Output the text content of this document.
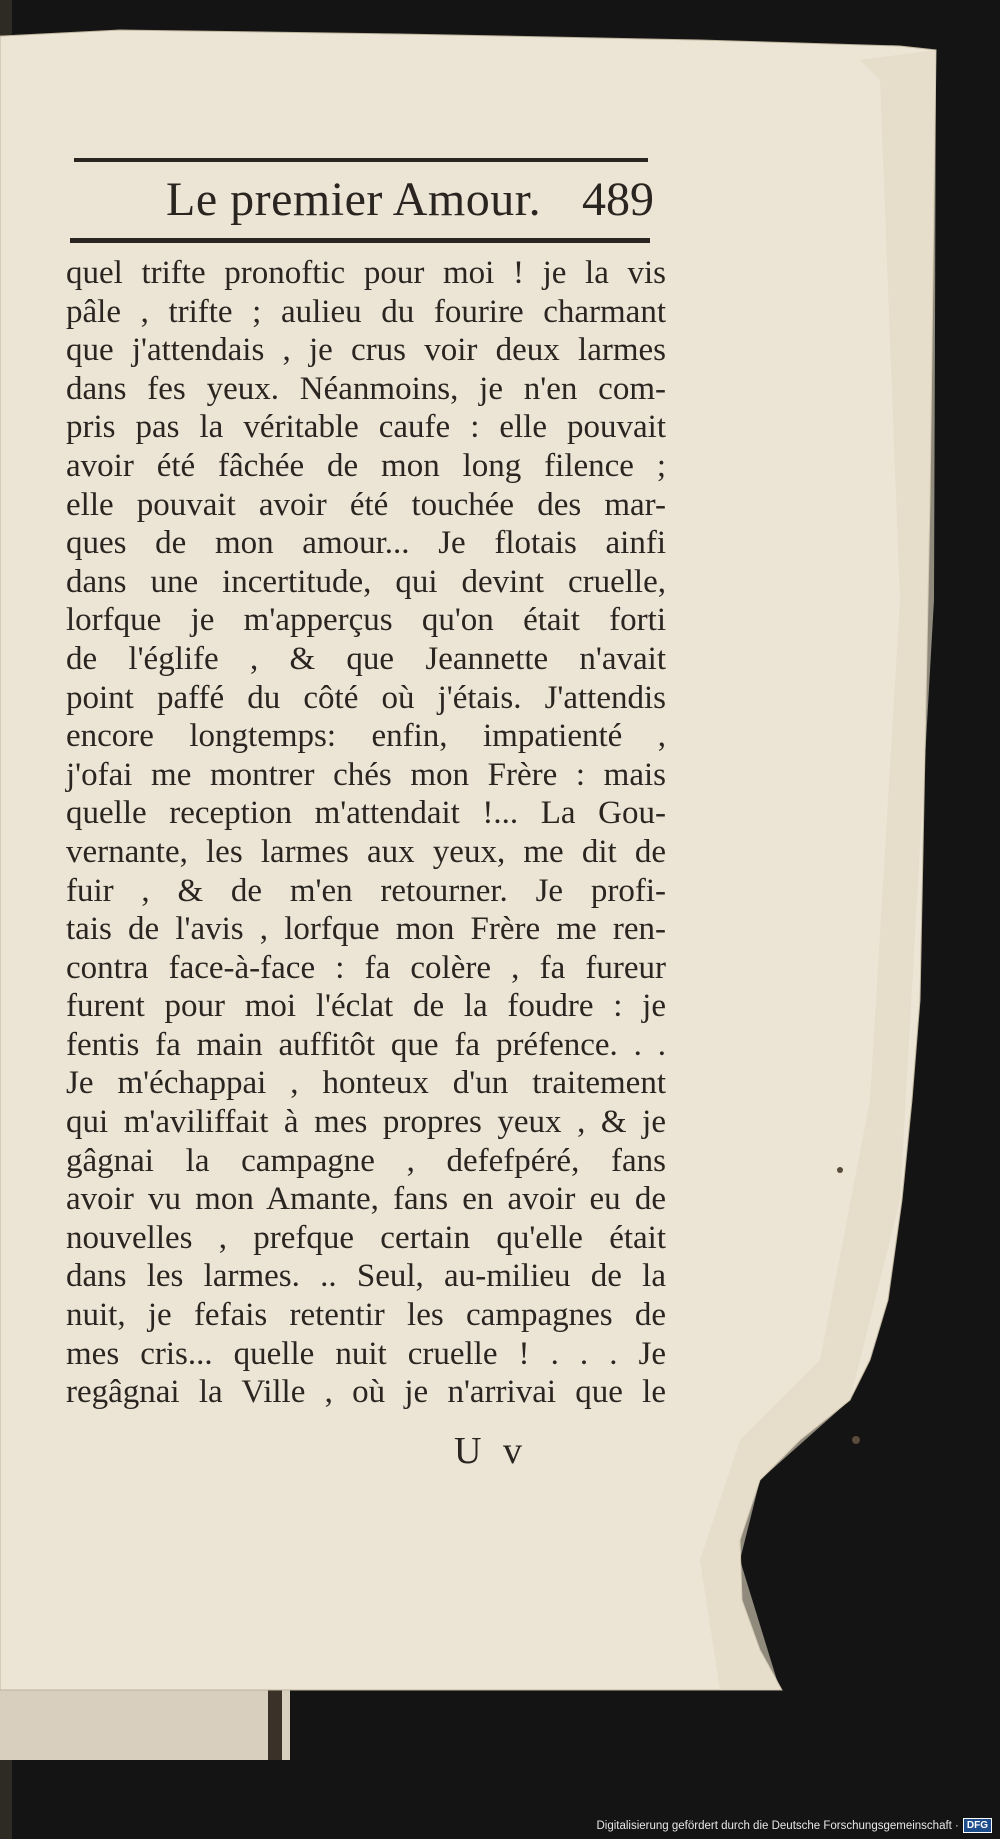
Le premier Amour. 489
quel trifte pronoftic pour moi ! je la vis
pâle , trifte ; aulieu du fourire charmant
que j'attendais , je crus voir deux larmes
dans fes yeux. Néanmoins, je n'en com-
pris pas la véritable caufe : elle pouvait
avoir été fâchée de mon long filence ;
elle pouvait avoir été touchée des mar-
ques de mon amour... Je flotais ainfi
dans une incertitude, qui devint cruelle,
lorfque je m'apperçus qu'on était forti
de l'églife , & que Jeannette n'avait
point paffé du côté où j'étais. J'attendis
encore longtemps: enfin, impatienté ,
j'ofai me montrer chés mon Frère : mais
quelle reception m'attendait !... La Gou-
vernante, les larmes aux yeux, me dit de
fuir , & de m'en retourner. Je profi-
tais de l'avis , lorfque mon Frère me ren-
contra face-à-face : fa colère , fa fureur
furent pour moi l'éclat de la foudre : je
fentis fa main auffitôt que fa préfence. . .
Je m'échappai , honteux d'un traitement
qui m'aviliffait à mes propres yeux , & je
gâgnai la campagne , defefpéré, fans
avoir vu mon Amante, fans en avoir eu de
nouvelles , prefque certain qu'elle était
dans les larmes. .. Seul, au-milieu de la
nuit, je fefais retentir les campagnes de
mes cris... quelle nuit cruelle ! . . . Je
regâgnai la Ville , où je n'arrivai que le
U v
Digitalisierung gefördert durch die Deutsche Forschungsgemeinschaft · DFG
